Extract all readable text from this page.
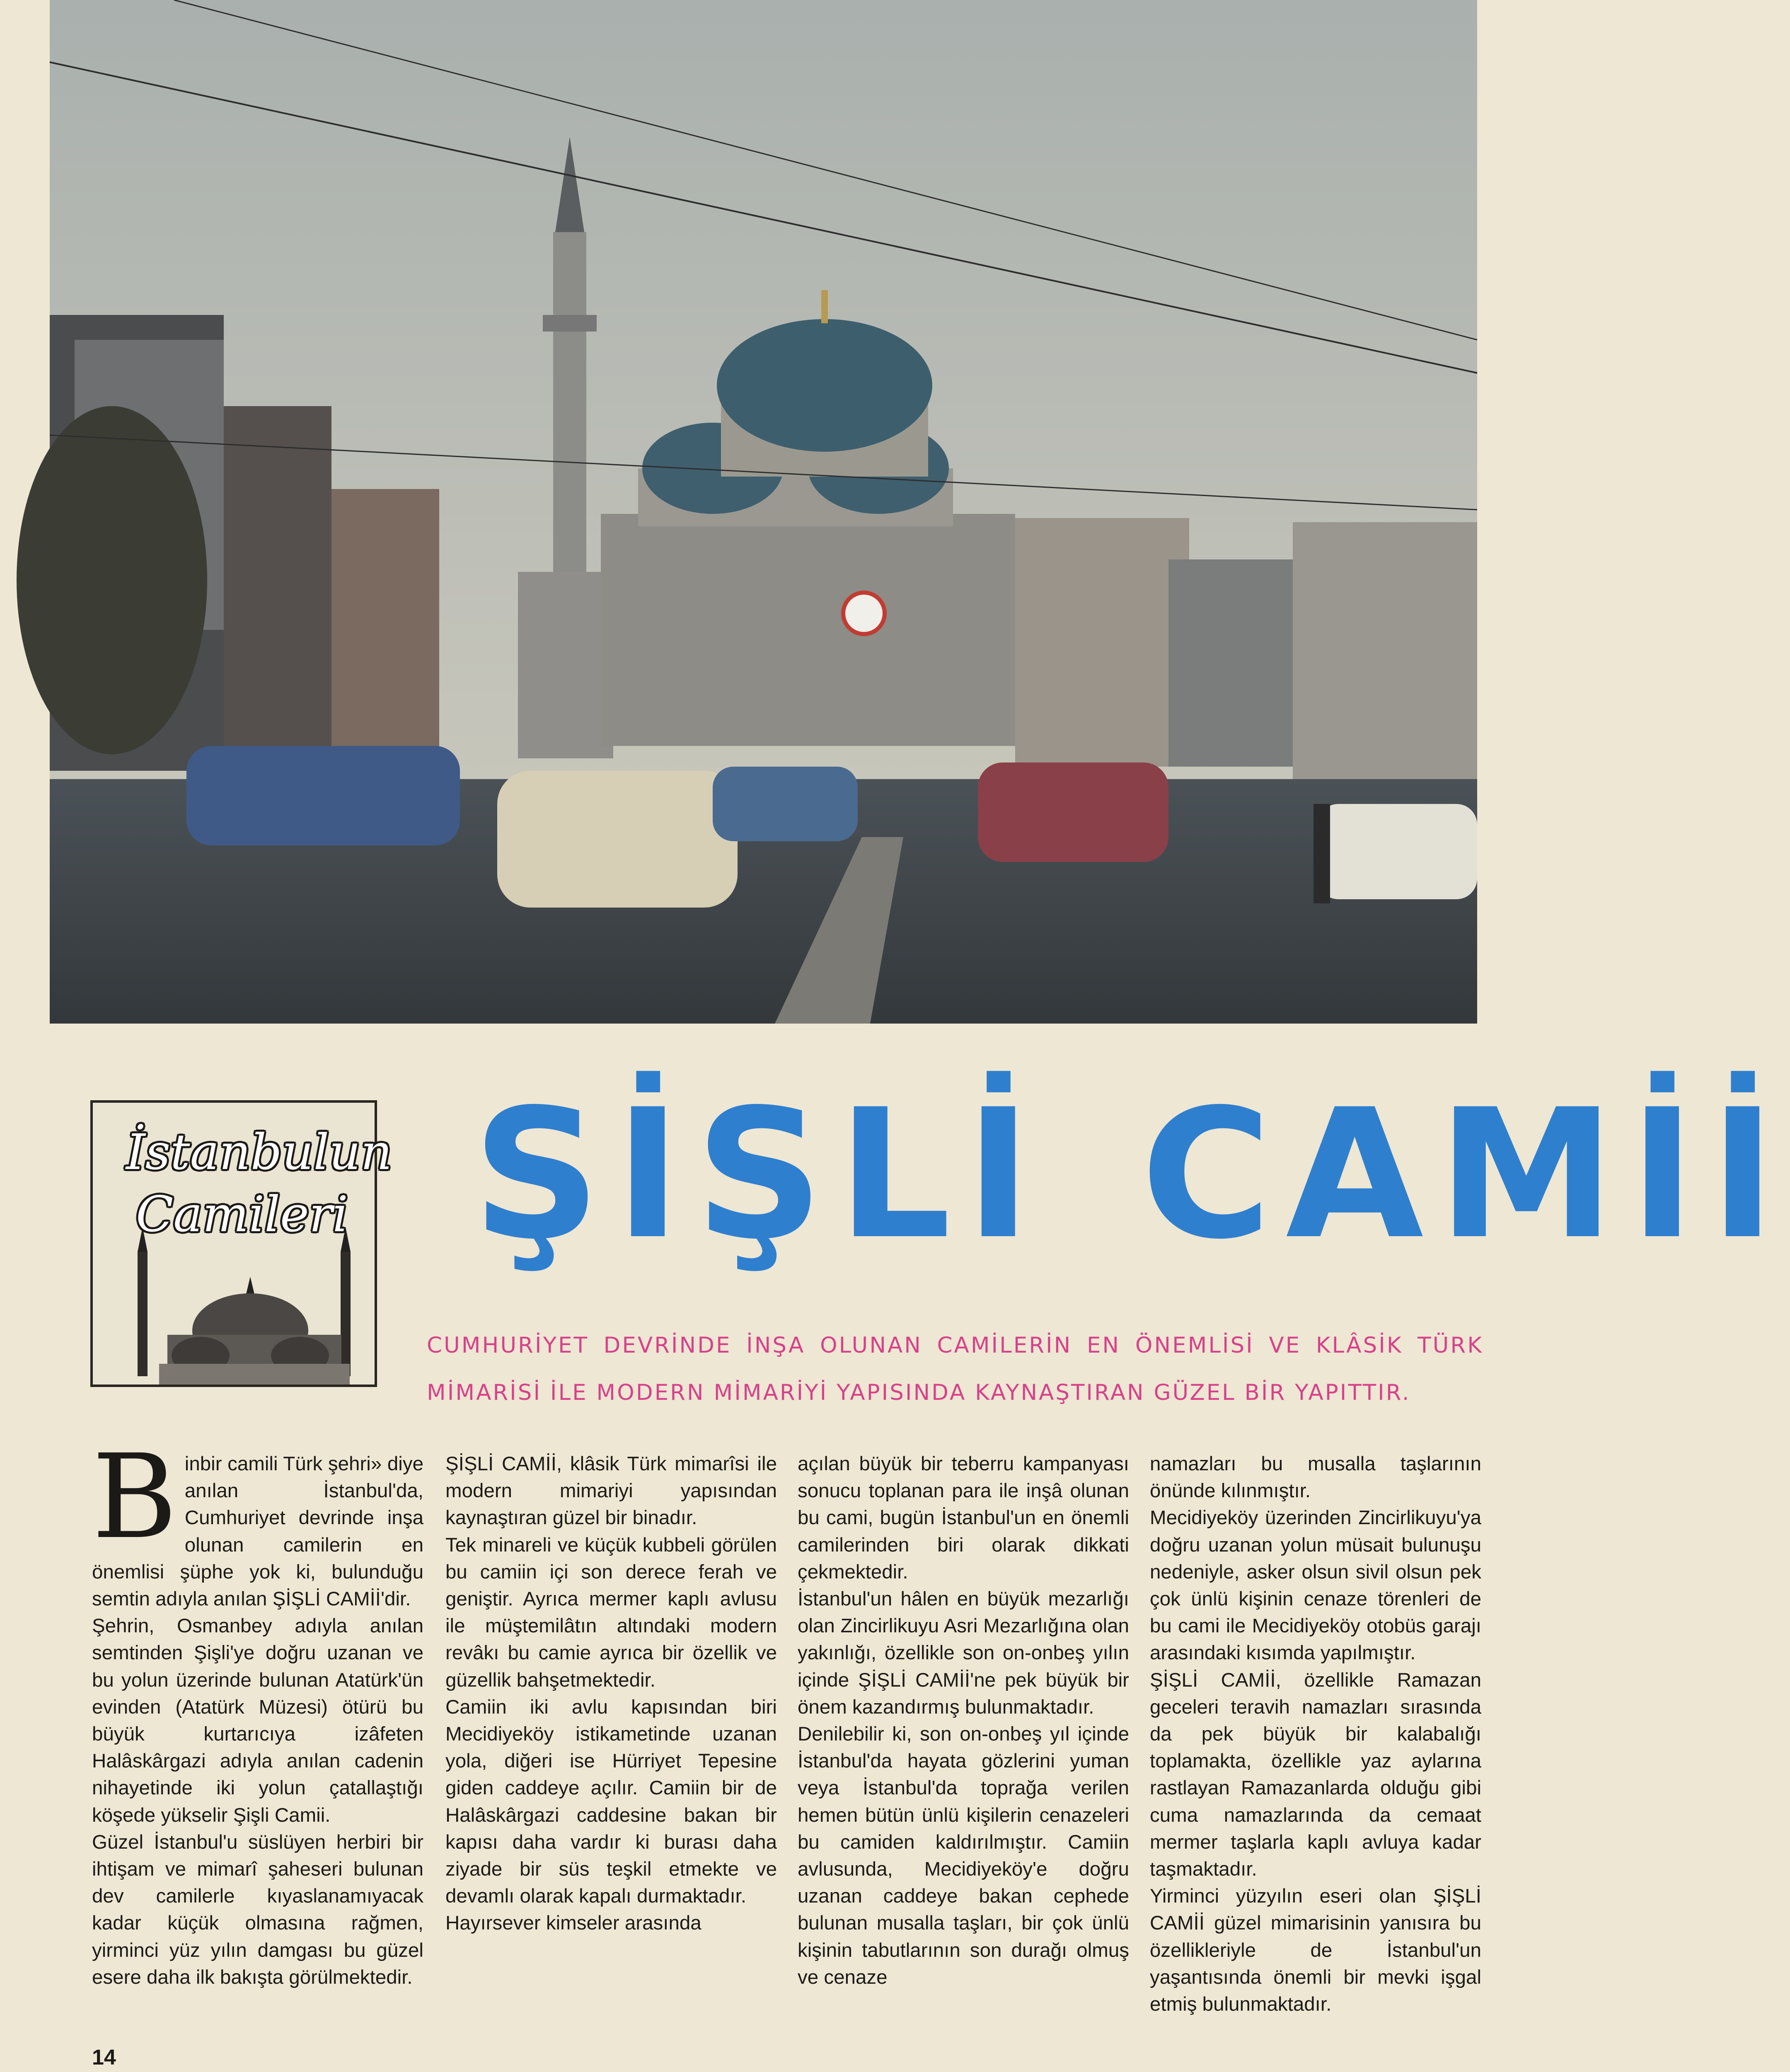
İstanbulun
Camileri ŞİŞLİ CAMİİ
CUMHURİYET DEVRİNDE İNŞA OLUNAN CAMİLERİN EN ÖNEMLİSİ VE KLÂSİK TÜRK MİMARİSİ İLE MODERN MİMARİYİ YAPISINDA KAYNAŞTIRAN GÜZEL BİR YAPITTIR.
B inbir camili Türk şehri» diye anılan İstanbul'da, Cumhuriyet devrinde inşa olunan camilerin en önemlisi şüphe yok ki, bulunduğu semtin adıyla anılan ŞİŞLİ CAMİİ'dir.

Şehrin, Osmanbey adıyla anılan semtinden Şişli'ye doğru uzanan ve bu yolun üzerinde bulunan Atatürk'ün evinden (Atatürk Müzesi) ötürü bu büyük kurtarıcıya izâfeten Halâskârgazi adıyla anılan cadenin nihayetinde iki yolun çatallaştığı köşede yükselir Şişli Camii.

Güzel İstanbul'u süslüyen herbiri bir ihtişam ve mimarî şaheseri bulunan dev camilerle kıyaslanamıyacak kadar küçük olmasına rağmen, yirminci yüz yılın damgası bu güzel esere daha ilk bakışta görülmektedir.

ŞİŞLİ CAMİİ, klâsik Türk mimarîsi ile modern mimariyi yapısından kaynaştıran güzel bir binadır.

Tek minareli ve küçük kubbeli görülen bu camiin içi son derece ferah ve geniştir. Ayrıca mermer kaplı avlusu ile müştemilâtın altındaki modern revâkı bu camie ayrıca bir özellik ve güzellik bahşetmektedir.

Camiin iki avlu kapısından biri Mecidiyeköy istikametinde uzanan yola, diğeri ise Hürriyet Tepesine giden caddeye açılır. Camiin bir de Halâskârgazi caddesine bakan bir kapısı daha vardır ki burası daha ziyade bir süs teşkil etmekte ve devamlı olarak kapalı durmaktadır.

Hayırsever kimseler arasında

açılan büyük bir teberru kampanyası sonucu toplanan para ile inşâ olunan bu cami, bugün İstanbul'un en önemli camilerinden biri olarak dikkati çekmektedir.

İstanbul'un hâlen en büyük mezarlığı olan Zincirlikuyu Asri Mezarlığına olan yakınlığı, özellikle son on-onbeş yılın içinde ŞİŞLİ CAMİİ'ne pek büyük bir önem kazandırmış bulunmaktadır.

Denilebilir ki, son on-onbeş yıl içinde İstanbul'da hayata gözlerini yuman veya İstanbul'da toprağa verilen hemen bütün ünlü kişilerin cenazeleri bu camiden kaldırılmıştır. Camiin avlusunda, Mecidiyeköy'e doğru uzanan caddeye bakan cephede bulunan musalla taşları, bir çok ünlü kişinin tabutlarının son durağı olmuş ve cenaze

namazları bu musalla taşlarının önünde kılınmıştır.

Mecidiyeköy üzerinden Zincirlikuyu'ya doğru uzanan yolun müsait bulunuşu nedeniyle, asker olsun sivil olsun pek çok ünlü kişinin cenaze törenleri de bu cami ile Mecidiyeköy otobüs garajı arasındaki kısımda yapılmıştır.

ŞİŞLİ CAMİİ, özellikle Ramazan geceleri teravih namazları sırasında da pek büyük bir kalabalığı toplamakta, özellikle yaz aylarına rastlayan Ramazanlarda olduğu gibi cuma namazlarında da cemaat mermer taşlarla kaplı avluya kadar taşmaktadır.

Yirminci yüzyılın eseri olan ŞİŞLİ CAMİİ güzel mimarisinin yanısıra bu özellikleriyle de İstanbul'un yaşantısında önemli bir mevki işgal etmiş bulunmaktadır.

14
